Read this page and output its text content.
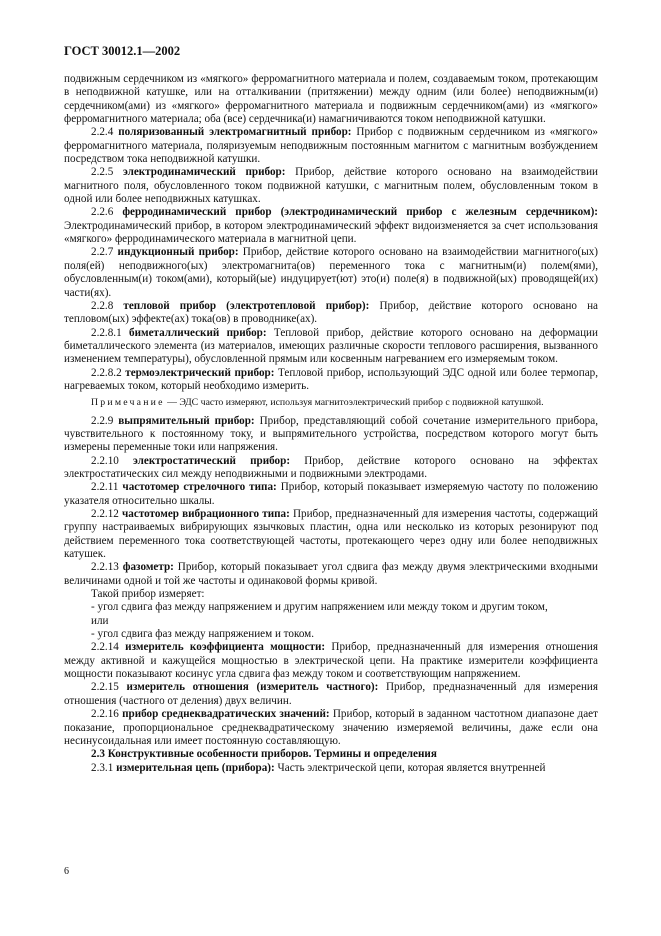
ГОСТ 30012.1—2002

подвижным сердечником из «мягкого» ферромагнитного материала и полем, создаваемым током, протекающим в неподвижной катушке, или на отталкивании (притяжении) между одним (или более) неподвижным(и) сердечником(ами) из «мягкого» ферромагнитного материала и подвижным сердечником(ами) из «мягкого» ферромагнитного материала; оба (все) сердечника(и) намагничиваются током неподвижной катушки.

2.2.4 поляризованный электромагнитный прибор: Прибор с подвижным сердечником из «мягкого» ферромагнитного материала, поляризуемым неподвижным постоянным магнитом с магнитным возбуждением посредством тока неподвижной катушки.

2.2.5 электродинамический прибор: Прибор, действие которого основано на взаимодействии магнитного поля, обусловленного током подвижной катушки, с магнитным полем, обусловленным током в одной или более неподвижных катушках.

2.2.6 ферродинамический прибор (электродинамический прибор с железным сердечником): Электродинамический прибор, в котором электродинамический эффект видоизменяется за счет использования «мягкого» ферродинамического материала в магнитной цепи.

2.2.7 индукционный прибор: Прибор, действие которого основано на взаимодействии магнитного(ых) поля(ей) неподвижного(ых) электромагнита(ов) переменного тока с магнитным(и) полем(ями), обусловленным(и) током(ами), который(ые) индуцирует(ют) это(и) поле(я) в подвижной(ых) проводящей(их) части(ях).

2.2.8 тепловой прибор (электротепловой прибор): Прибор, действие которого основано на тепловом(ых) эффекте(ах) тока(ов) в проводнике(ах).

2.2.8.1 биметаллический прибор: Тепловой прибор, действие которого основано на деформации биметаллического элемента (из материалов, имеющих различные скорости теплового расширения, вызванного изменением температуры), обусловленной прямым или косвенным нагреванием его измеряемым током.

2.2.8.2 термоэлектрический прибор: Тепловой прибор, использующий ЭДС одной или более термопар, нагреваемых током, который необходимо измерить.

Примечание — ЭДС часто измеряют, используя магнитоэлектрический прибор с подвижной катушкой.

2.2.9 выпрямительный прибор: Прибор, представляющий собой сочетание измерительного прибора, чувствительного к постоянному току, и выпрямительного устройства, посредством которого могут быть измерены переменные токи или напряжения.

2.2.10 электростатический прибор: Прибор, действие которого основано на эффектах электростатических сил между неподвижными и подвижными электродами.

2.2.11 частотомер стрелочного типа: Прибор, который показывает измеряемую частоту по положению указателя относительно шкалы.

2.2.12 частотомер вибрационного типа: Прибор, предназначенный для измерения частоты, содержащий группу настраиваемых вибрирующих язычковых пластин, одна или несколько из которых резонируют под действием переменного тока соответствующей частоты, протекающего через одну или более неподвижных катушек.

2.2.13 фазометр: Прибор, который показывает угол сдвига фаз между двумя электрическими входными величинами одной и той же частоты и одинаковой формы кривой.

Такой прибор измеряет:

- угол сдвига фаз между напряжением и другим напряжением или между током и другим током,

или

- угол сдвига фаз между напряжением и током.

2.2.14 измеритель коэффициента мощности: Прибор, предназначенный для измерения отношения между активной и кажущейся мощностью в электрической цепи. На практике измерители коэффициента мощности показывают косинус угла сдвига фаз между током и соответствующим напряжением.

2.2.15 измеритель отношения (измеритель частного): Прибор, предназначенный для измерения отношения (частного от деления) двух величин.

2.2.16 прибор среднеквадратических значений: Прибор, который в заданном частотном диапазоне дает показание, пропорциональное среднеквадратическому значению измеряемой величины, даже если она несинусоидальная или имеет постоянную составляющую.

2.3 Конструктивные особенности приборов. Термины и определения

2.3.1 измерительная цепь (прибора): Часть электрической цепи, которая является внутренней

6
